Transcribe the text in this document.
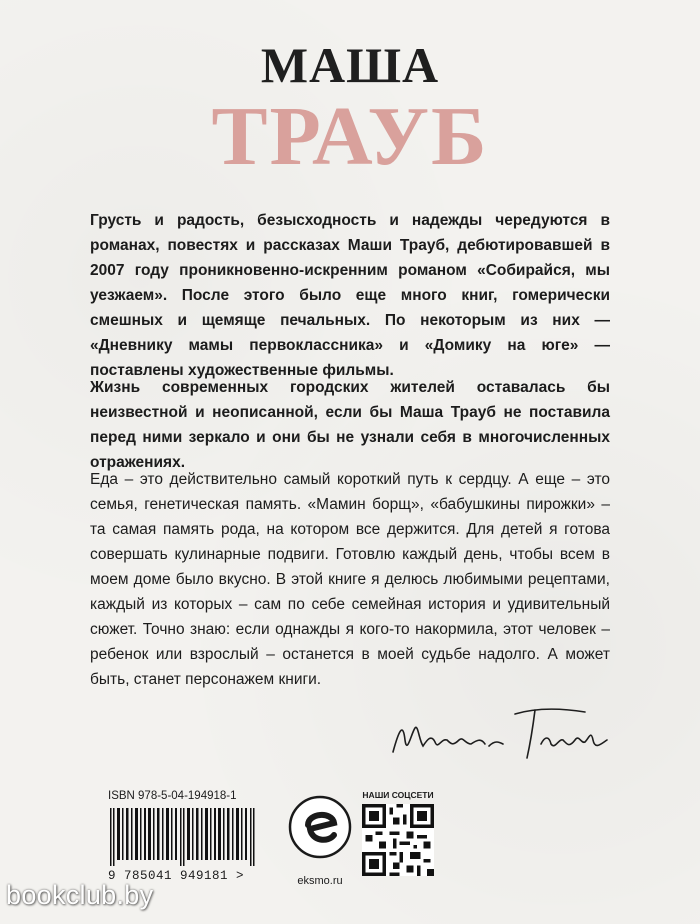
МАША
ТРАУБ
Грусть и радость, безысходность и надежды чередуются в романах, повестях и рассказах Маши Трауб, дебютировавшей в 2007 году проникновенно-искренним романом «Собирайся, мы уезжаем». После этого было еще много книг, гомерически смешных и щемяще печальных. По некоторым из них — «Дневнику мамы первоклассника» и «Домику на юге» — поставлены художественные фильмы.
Жизнь современных городских жителей оставалась бы неизвестной и неописанной, если бы Маша Трауб не поставила перед ними зеркало и они бы не узнали себя в многочисленных отражениях.
Еда – это действительно самый короткий путь к сердцу. А еще – это семья, генетическая память. «Мамин борщ», «бабушкины пирожки» – та самая память рода, на котором все держится. Для детей я готова совершать кулинарные подвиги. Готовлю каждый день, чтобы всем в моем доме было вкусно. В этой книге я делюсь любимыми рецептами, каждый из которых – сам по себе семейная история и удивительный сюжет. Точно знаю: если однажды я кого-то накормила, этот человек – ребенок или взрослый – останется в моей судьбе надолго. А может быть, станет персонажем книги.
Маша Трауб
ISBN 978-5-04-194918-1
9 785041 949181 >	eksmo.ru
НАШИ СОЦСЕТИ
bookclub.by
